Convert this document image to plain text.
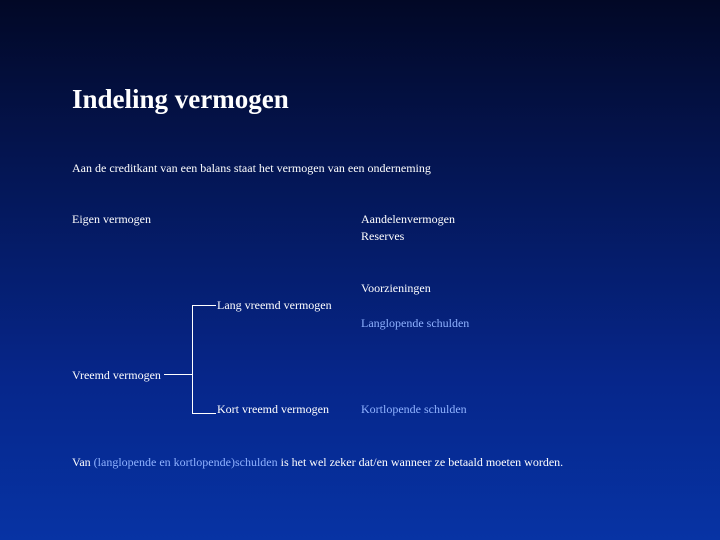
Indeling vermogen
Aan de creditkant van een balans staat het vermogen van een onderneming
Eigen vermogen	Aandelenvermogen
Reserves
Voorzieningen
Lang vreemd vermogen
Langlopende schulden
Vreemd vermogen
Kort vreemd vermogen	Kortlopende schulden
Van (langlopende en kortlopende)schulden is het wel zeker dat/en wanneer ze betaald moeten worden.
